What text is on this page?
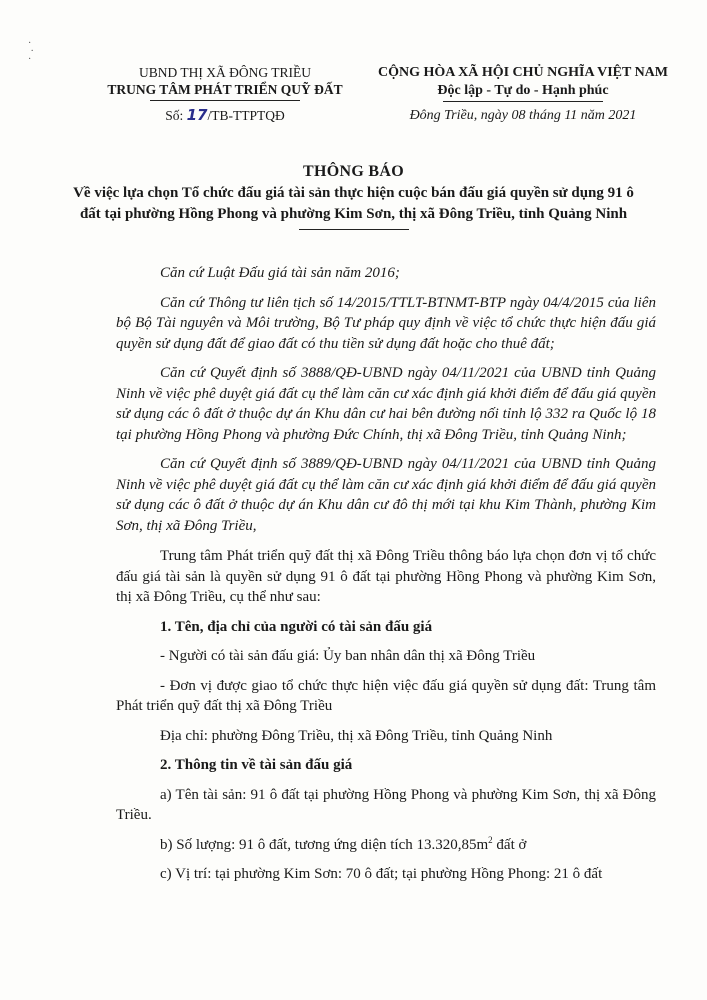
·
·
·
UBND THỊ XÃ ĐÔNG TRIỀU
TRUNG TÂM PHÁT TRIỂN QUỸ ĐẤT
Số: 17/TB-TTPTQĐ
CỘNG HÒA XÃ HỘI CHỦ NGHĨA VIỆT NAM
Độc lập - Tự do - Hạnh phúc
Đông Triều, ngày 08 tháng 11 năm 2021
THÔNG BÁO
Về việc lựa chọn Tổ chức đấu giá tài sản thực hiện cuộc bán đấu giá quyền sử dụng 91 ô đất tại phường Hồng Phong và phường Kim Sơn, thị xã Đông Triều, tỉnh Quảng Ninh

Căn cứ Luật Đấu giá tài sản năm 2016;

Căn cứ Thông tư liên tịch số 14/2015/TTLT-BTNMT-BTP ngày 04/4/2015 của liên bộ Bộ Tài nguyên và Môi trường, Bộ Tư pháp quy định về việc tổ chức thực hiện đấu giá quyền sử dụng đất để giao đất có thu tiền sử dụng đất hoặc cho thuê đất;

Căn cứ Quyết định số 3888/QĐ-UBND ngày 04/11/2021 của UBND tỉnh Quảng Ninh về việc phê duyệt giá đất cụ thể làm căn cư xác định giá khởi điểm để đấu giá quyền sử dụng các ô đất ở thuộc dự án Khu dân cư hai bên đường nối tỉnh lộ 332 ra Quốc lộ 18 tại phường Hồng Phong và phường Đức Chính, thị xã Đông Triều, tỉnh Quảng Ninh;

Căn cứ Quyết định số 3889/QĐ-UBND ngày 04/11/2021 của UBND tỉnh Quảng Ninh về việc phê duyệt giá đất cụ thể làm căn cư xác định giá khởi điểm để đấu giá quyền sử dụng các ô đất ở thuộc dự án Khu dân cư đô thị mới tại khu Kim Thành, phường Kim Sơn, thị xã Đông Triều,

Trung tâm Phát triển quỹ đất thị xã Đông Triều thông báo lựa chọn đơn vị tổ chức đấu giá tài sản là quyền sử dụng 91 ô đất tại phường Hồng Phong và phường Kim Sơn, thị xã Đông Triều, cụ thể như sau:

1. Tên, địa chỉ của người có tài sản đấu giá

- Người có tài sản đấu giá: Ủy ban nhân dân thị xã Đông Triều

- Đơn vị được giao tổ chức thực hiện việc đấu giá quyền sử dụng đất: Trung tâm Phát triển quỹ đất thị xã Đông Triều

Địa chỉ: phường Đông Triều, thị xã Đông Triều, tỉnh Quảng Ninh

2. Thông tin về tài sản đấu giá

a) Tên tài sản: 91 ô đất tại phường Hồng Phong và phường Kim Sơn, thị xã Đông Triều.

b) Số lượng: 91 ô đất, tương ứng diện tích $13.320,85m^2$ đất ở

c) Vị trí: tại phường Kim Sơn: 70 ô đất; tại phường Hồng Phong: 21 ô đất
